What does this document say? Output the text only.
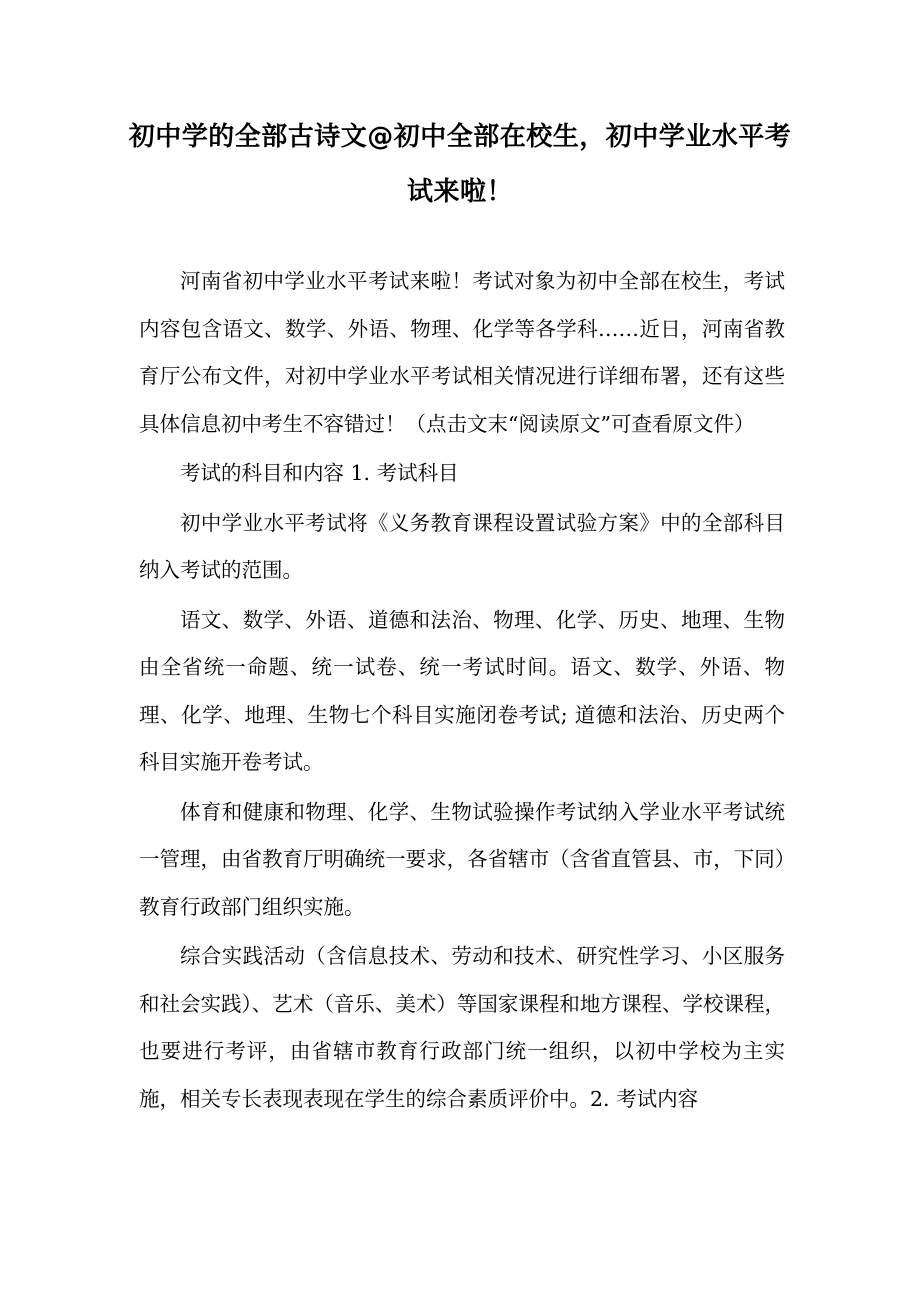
初中学的全部古诗文@初中全部在校生，初中学业水平考试来啦！

河南省初中学业水平考试来啦！考试对象为初中全部在校生，考试内容包含语文、数学、外语、物理、化学等各学科……近日，河南省教育厅公布文件，对初中学业水平考试相关情况进行详细布署，还有这些具体信息初中考生不容错过！（点击文末“阅读原文”可查看原文件）

考试的科目和内容 1. 考试科目

初中学业水平考试将《义务教育课程设置试验方案》中的全部科目纳入考试的范围。

语文、数学、外语、道德和法治、物理、化学、历史、地理、生物由全省统一命题、统一试卷、统一考试时间。语文、数学、外语、物理、化学、地理、生物七个科目实施闭卷考试; 道德和法治、历史两个科目实施开卷考试。

体育和健康和物理、化学、生物试验操作考试纳入学业水平考试统一管理，由省教育厅明确统一要求，各省辖市（含省直管县、市，下同）教育行政部门组织实施。

综合实践活动（含信息技术、劳动和技术、研究性学习、小区服务和社会实践）、艺术（音乐、美术）等国家课程和地方课程、学校课程，也要进行考评，由省辖市教育行政部门统一组织，以初中学校为主实施，相关专长表现表现在学生的综合素质评价中。2. 考试内容
